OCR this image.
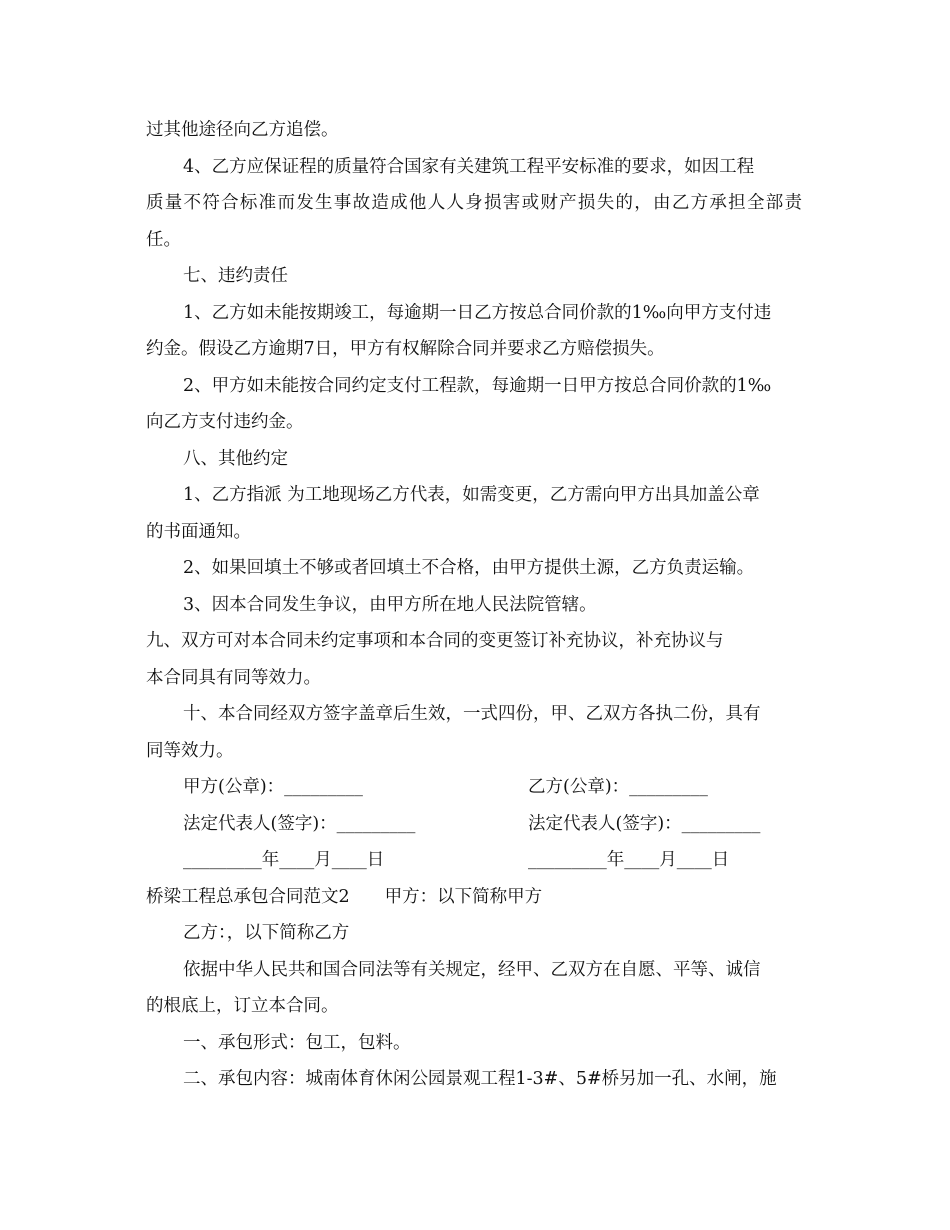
过其他途径向乙方追偿。
4、乙方应保证程的质量符合国家有关建筑工程平安标准的要求，如因工程
质量不符合标准而发生事故造成他人人身损害或财产损失的，由乙方承担全部责
任。
七、违约责任
1、乙方如未能按期竣工，每逾期一日乙方按总合同价款的1‰向甲方支付违
约金。假设乙方逾期7日，甲方有权解除合同并要求乙方赔偿损失。
2、甲方如未能按合同约定支付工程款，每逾期一日甲方按总合同价款的1‰
向乙方支付违约金。
八、其他约定
1、乙方指派 为工地现场乙方代表，如需变更，乙方需向甲方出具加盖公章
的书面通知。
2、如果回填土不够或者回填土不合格，由甲方提供土源，乙方负责运输。
3、因本合同发生争议，由甲方所在地人民法院管辖。
九、双方可对本合同未约定事项和本合同的变更签订补充协议，补充协议与
本合同具有同等效力。
十、本合同经双方签字盖章后生效，一式四份，甲、乙双方各执二份，具有
同等效力。
甲方(公章)：_________	乙方(公章)：_________
法定代表人(签字)：_________	法定代表人(签字)：_________
_________年____月____日	_________年____月____日
桥梁工程总承包合同范文2　　甲方：以下简称甲方
乙方：，以下简称乙方
依据中华人民共和国合同法等有关规定，经甲、乙双方在自愿、平等、诚信
的根底上，订立本合同。
一、承包形式：包工，包料。
二、承包内容：城南体育休闲公园景观工程1-3#、5#桥另加一孔、水闸，施
